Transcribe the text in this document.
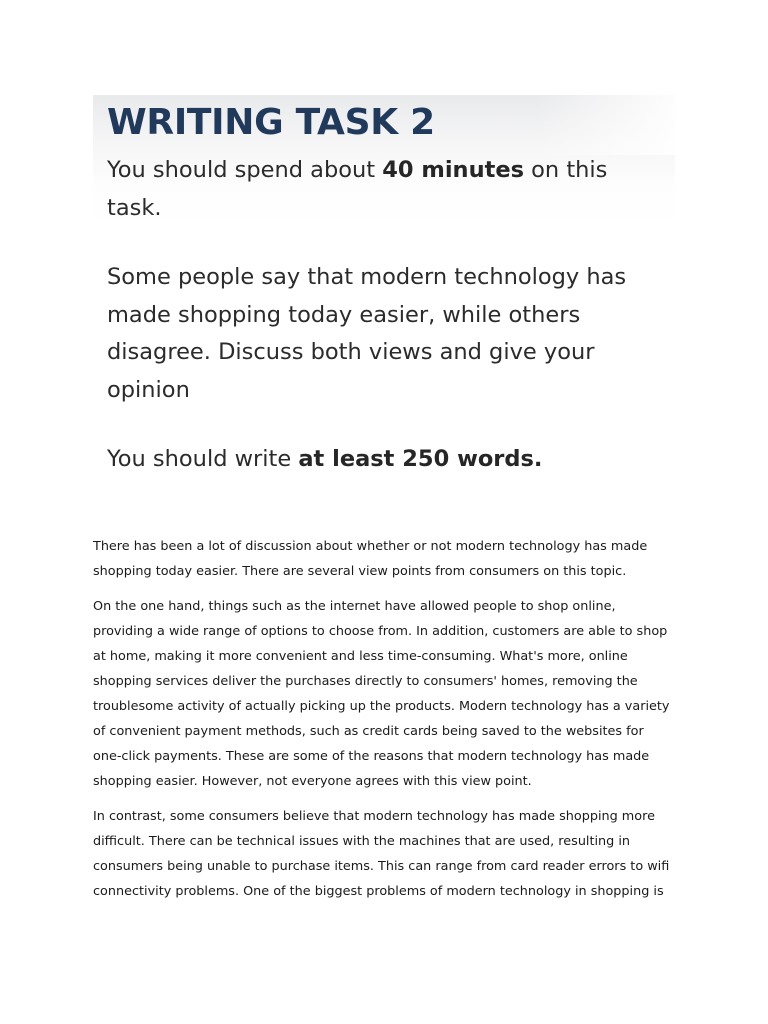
WRITING TASK 2

You should spend about 40 minutes on this task.

Some people say that modern technology has made shopping today easier, while others disagree. Discuss both views and give your opinion

You should write at least 250 words.

There has been a lot of discussion about whether or not modern technology has made shopping today easier. There are several view points from consumers on this topic.

On the one hand, things such as the internet have allowed people to shop online, providing a wide range of options to choose from. In addition, customers are able to shop at home, making it more convenient and less time-consuming. What's more, online shopping services deliver the purchases directly to consumers' homes, removing the troublesome activity of actually picking up the products. Modern technology has a variety of convenient payment methods, such as credit cards being saved to the websites for one-click payments. These are some of the reasons that modern technology has made shopping easier. However, not everyone agrees with this view point.

In contrast, some consumers believe that modern technology has made shopping more difficult. There can be technical issues with the machines that are used, resulting in consumers being unable to purchase items. This can range from card reader errors to wifi connectivity problems. One of the biggest problems of modern technology in shopping is
